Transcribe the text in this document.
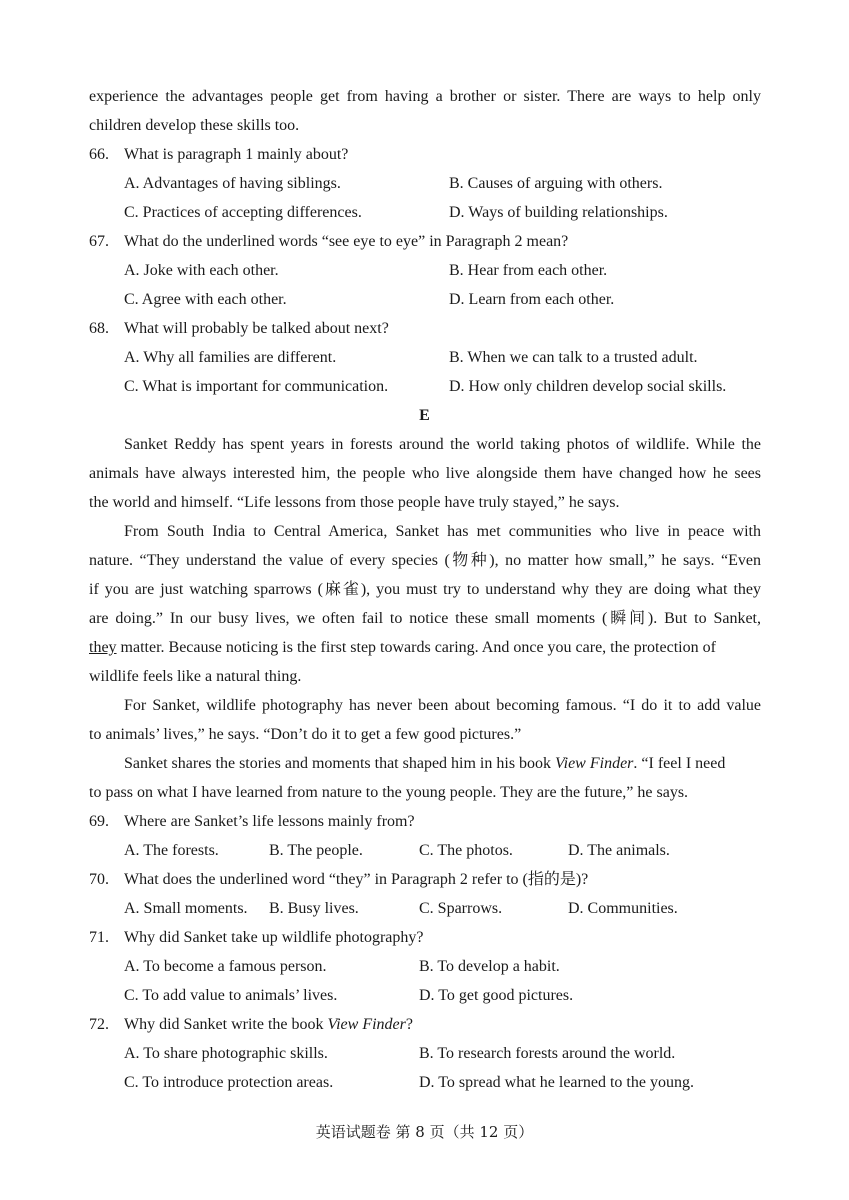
experience the advantages people get from having a brother or sister. There are ways to help only
children develop these skills too.
66. What is paragraph 1 mainly about?
A. Advantages of having siblings.	B. Causes of arguing with others.
C. Practices of accepting differences.	D. Ways of building relationships.
67. What do the underlined words “see eye to eye” in Paragraph 2 mean?
A. Joke with each other.	B. Hear from each other.
C. Agree with each other.	D. Learn from each other.
68. What will probably be talked about next?
A. Why all families are different.	B. When we can talk to a trusted adult.
C. What is important for communication.	D. How only children develop social skills.
E
Sanket Reddy has spent years in forests around the world taking photos of wildlife. While the
animals have always interested him, the people who live alongside them have changed how he sees
the world and himself. “Life lessons from those people have truly stayed,” he says.
From South India to Central America, Sanket has met communities who live in peace with
nature. “They understand the value of every species (物种), no matter how small,” he says. “Even
if you are just watching sparrows (麻雀), you must try to understand why they are doing what they
are doing.” In our busy lives, we often fail to notice these small moments (瞬间). But to Sanket,
they matter. Because noticing is the first step towards caring. And once you care, the protection of
wildlife feels like a natural thing.
For Sanket, wildlife photography has never been about becoming famous. “I do it to add value
to animals’ lives,” he says. “Don’t do it to get a few good pictures.”
Sanket shares the stories and moments that shaped him in his book View Finder. “I feel I need
to pass on what I have learned from nature to the young people. They are the future,” he says.
69. Where are Sanket’s life lessons mainly from?
A. The forests.	B. The people.	C. The photos.	D. The animals.
70. What does the underlined word “they” in Paragraph 2 refer to (指的是)?
A. Small moments. B. Busy lives.	C. Sparrows.	D. Communities.
71. Why did Sanket take up wildlife photography?
A. To become a famous person.	B. To develop a habit.
C. To add value to animals’ lives.	D. To get good pictures.
72. Why did Sanket write the book View Finder?
A. To share photographic skills.	B. To research forests around the world.
C. To introduce protection areas.	D. To spread what he learned to the young.
英语试题卷 第 8 页（共 12 页）
